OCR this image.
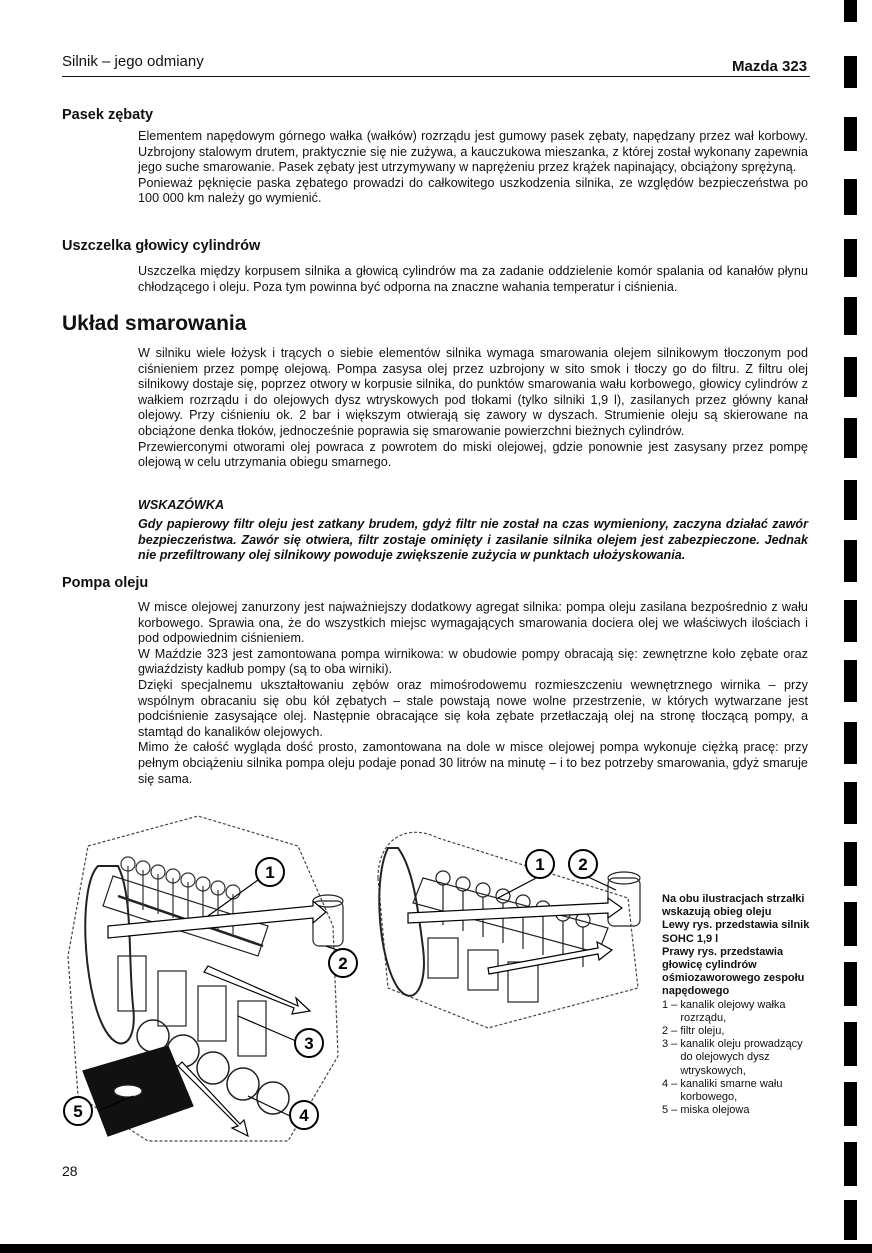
Silnik – jego odmiany	Mazda 323
Pasek zębaty

Elementem napędowym górnego wałka (wałków) rozrządu jest gumowy pasek zębaty, napędzany przez wał korbowy. Uzbrojony stalowym drutem, praktycznie się nie zużywa, a kauczukowa mieszanka, z której został wykonany zapewnia jego suche smarowanie. Pasek zębaty jest utrzymywany w naprężeniu przez krążek napinający, obciążony sprężyną.

Ponieważ pęknięcie paska zębatego prowadzi do całkowitego uszkodzenia silnika, ze względów bezpieczeństwa po 100 000 km należy go wymienić.

Uszczelka głowicy cylindrów

Uszczelka między korpusem silnika a głowicą cylindrów ma za zadanie oddzielenie komór spalania od kanałów płynu chłodzącego i oleju. Poza tym powinna być odporna na znaczne wahania temperatur i ciśnienia.

Układ smarowania

W silniku wiele łożysk i trących o siebie elementów silnika wymaga smarowania olejem silnikowym tłoczonym pod ciśnieniem przez pompę olejową. Pompa zasysa olej przez uzbrojony w sito smok i tłoczy go do filtru. Z filtru olej silnikowy dostaje się, poprzez otwory w korpusie silnika, do punktów smarowania wału korbowego, głowicy cylindrów z wałkiem rozrządu i do olejowych dysz wtryskowych pod tłokami (tylko silniki 1,9 l), zasilanych przez główny kanał olejowy. Przy ciśnieniu ok. 2 bar i większym otwierają się zawory w dyszach. Strumienie oleju są skierowane na obciążone denka tłoków, jednocześnie poprawia się smarowanie powierzchni bieżnych cylindrów.

Przewierconymi otworami olej powraca z powrotem do miski olejowej, gdzie ponownie jest zasysany przez pompę olejową w celu utrzymania obiegu smarnego.

WSKAZÓWKA
Gdy papierowy filtr oleju jest zatkany brudem, gdyż filtr nie został na czas wymieniony, zaczyna działać zawór bezpieczeństwa. Zawór się otwiera, filtr zostaje ominięty i zasilanie silnika olejem jest zabezpieczone. Jednak nie przefiltrowany olej silnikowy powoduje zwiększenie zużycia w punktach ułożyskowania.
Pompa oleju

W misce olejowej zanurzony jest najważniejszy dodatkowy agregat silnika: pompa oleju zasilana bezpośrednio z wału korbowego. Sprawia ona, że do wszystkich miejsc wymagających smarowania dociera olej we właściwych ilościach i pod odpowiednim ciśnieniem.

W Maździe 323 jest zamontowana pompa wirnikowa: w obudowie pompy obracają się: zewnętrzne koło zębate oraz gwiaździsty kadłub pompy (są to oba wirniki).

Dzięki specjalnemu ukształtowaniu zębów oraz mimośrodowemu rozmieszczeniu wewnętrznego wirnika – przy wspólnym obracaniu się obu kół zębatych – stale powstają nowe wolne przestrzenie, w których wytwarzane jest podciśnienie zasysające olej. Następnie obracające się koła zębate przetłaczają olej na stronę tłoczącą pompy, a stamtąd do kanalików olejowych.

Mimo że całość wygląda dość prosto, zamontowana na dole w misce olejowej pompa wykonuje ciężką pracę: przy pełnym obciążeniu silnika pompa oleju podaje ponad 30 litrów na minutę – i to bez potrzeby smarowania, gdyż smaruje się sama.

1
2
3
4
5
1 2
Na obu ilustracjach strzałki wskazują obieg oleju
Lewy rys. przedstawia silnik SOHC 1,9 l
Prawy rys. przedstawia głowicę cylindrów ośmiozaworowego zespołu napędowego
1 – kanalik olejowy wałka rozrządu,
2 – filtr oleju,
3 – kanalik oleju prowadzący do olejowych dysz wtryskowych,
4 – kanaliki smarne wału korbowego,
5 – miska olejowa
28
